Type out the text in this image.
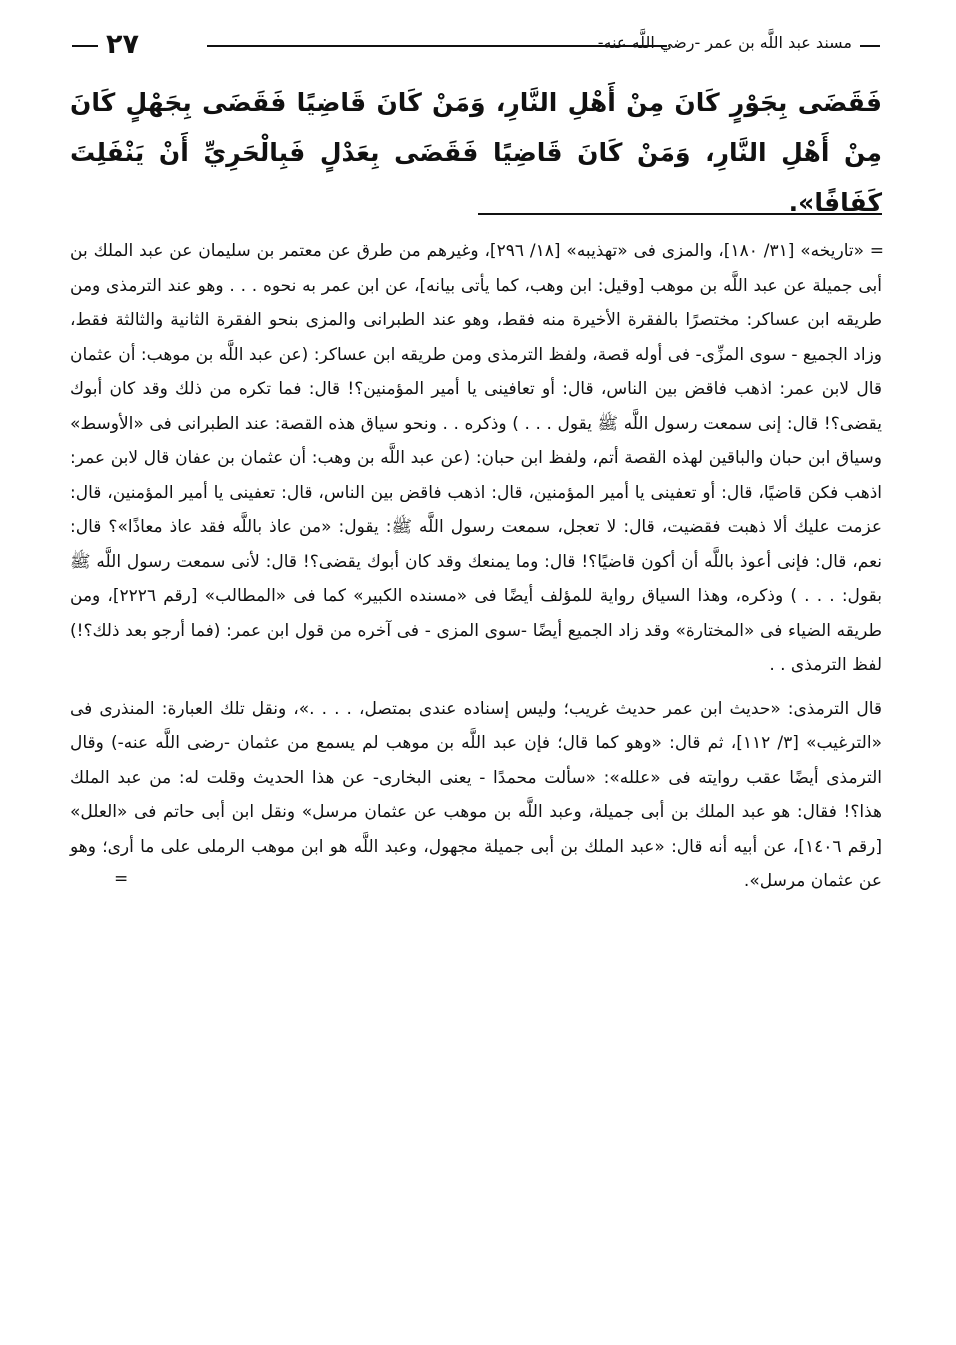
مسند عبد اللَّه بن عمر -رضي اللَّه عنه-
٢٧

فَقَضَى بِجَوْرٍ كَانَ مِنْ أَهْلِ النَّارِ، وَمَنْ كَانَ قَاضِيًا فَقَضَى بِجَهْلٍ كَانَ مِنْ أَهْلِ النَّارِ، وَمَنْ كَانَ قَاضِيًا فَقَضَى بِعَدْلٍ فَبِالْحَرِيِّ أَنْ يَنْفَلِتَ كَفَافًا».

=

«تاريخه» [٣١/ ١٨٠]، والمزى فى «تهذيبه» [١٨/ ٢٩٦]، وغيرهم من طرق عن معتمر بن سليمان عن عبد الملك بن أبى جميلة عن عبد اللَّه بن موهب [وقيل: ابن وهب، كما يأتى بيانه]، عن ابن عمر به نحوه . . . وهو عند الترمذى ومن طريقه ابن عساكر: مختصرًا بالفقرة الأخيرة منه فقط، وهو عند الطبرانى والمزى بنحو الفقرة الثانية والثالثة فقط، وزاد الجميع - سوى المزِّى- فى أوله قصة، ولفظ الترمذى ومن طريقه ابن عساكر: (عن عبد اللَّه بن موهب: أن عثمان قال لابن عمر: اذهب فاقض بين الناس، قال: أو تعافينى يا أمير المؤمنين؟! قال: فما تكره من ذلك وقد كان أبوك يقضى؟! قال: إنى سمعت رسول اللَّه ﷺ يقول . . . ) وذكره . . ونحو سياق هذه القصة: عند الطبرانى فى «الأوسط» وسياق ابن حبان والباقين لهذه القصة أتم، ولفظ ابن حبان: (عن عبد اللَّه بن وهب: أن عثمان بن عفان قال لابن عمر: اذهب فكن قاضيًا، قال: أو تعفينى يا أمير المؤمنين، قال: اذهب فاقض بين الناس، قال: تعفينى يا أمير المؤمنين، قال: عزمت عليك ألا ذهبت فقضيت، قال: لا تعجل، سمعت رسول اللَّه ﷺ: يقول: «من عاذ باللَّه فقد عاذ معاذًا»؟ قال: نعم، قال: فإنى أعوذ باللَّه أن أكون قاضيًا؟! قال: وما يمنعك وقد كان أبوك يقضى؟! قال: لأنى سمعت رسول اللَّه ﷺ بقول: . . . ) وذكره، وهذا السياق رواية للمؤلف أيضًا فى «مسنده الكبير» كما فى «المطالب» [رقم ٢٢٢٦]، ومن طريقه الضياء فى «المختارة» وقد زاد الجميع أيضًا -سوى المزى - فى آخره من قول ابن عمر: (فما أرجو بعد ذلك؟!) لفظ الترمذى . .

قال الترمذى: «حديث ابن عمر حديث غريب؛ وليس إسناده عندى بمتصل، . . . .»، ونقل تلك العبارة: المنذرى فى «الترغيب» [٣/ ١١٢]، ثم قال: «وهو كما قال؛ فإن عبد اللَّه بن موهب لم يسمع من عثمان -رضى اللَّه عنه-) وقال الترمذى أيضًا عقب روايته فى «علله»: «سألت محمدًا - يعنى البخارى- عن هذا الحديث وقلت له: من عبد الملك هذا؟! فقال: هو عبد الملك بن أبى جميلة، وعبد اللَّه بن موهب عن عثمان مرسل» ونقل ابن أبى حاتم فى «العلل» [رقم ١٤٠٦]، عن أبيه أنه قال: «عبد الملك بن أبى جميلة مجهول، وعبد اللَّه هو ابن موهب الرملى على ما أرى؛ وهو عن عثمان مرسل».

=
